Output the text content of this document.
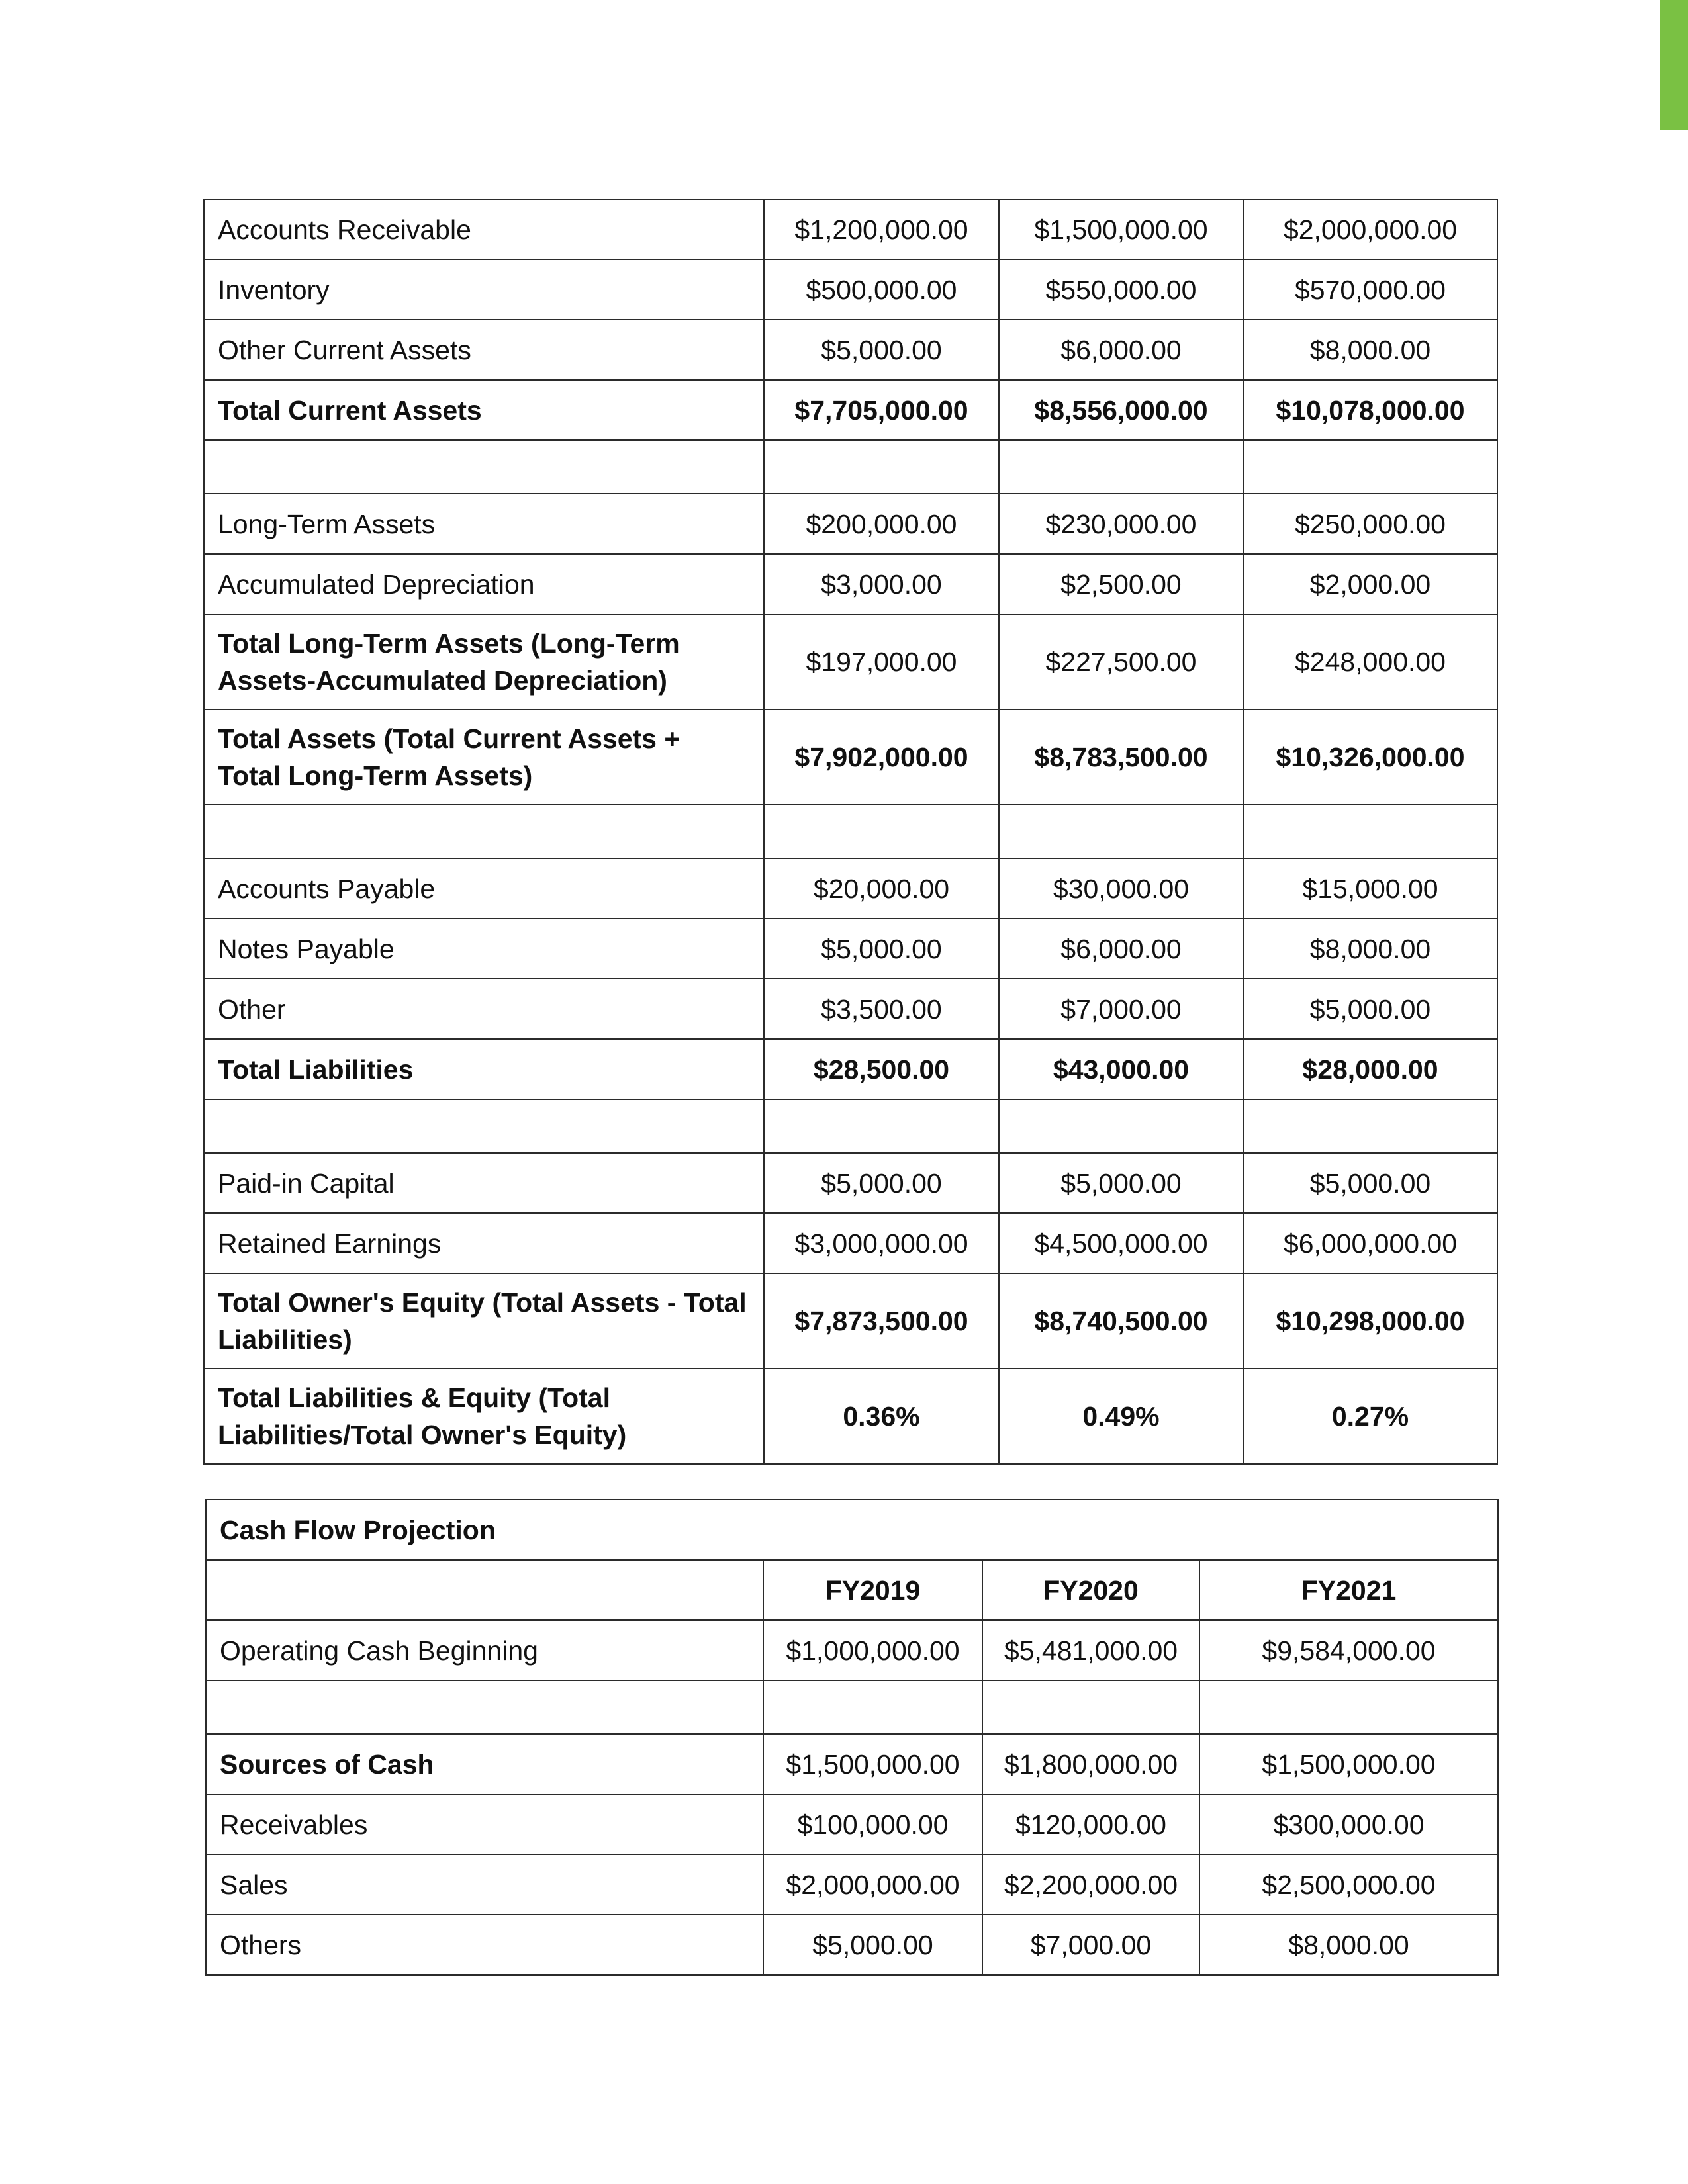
Accounts Receivable	$1,200,000.00	$1,500,000.00	$2,000,000.00
Inventory	$500,000.00	$550,000.00	$570,000.00
Other Current Assets	$5,000.00	$6,000.00	$8,000.00
Total Current Assets	$7,705,000.00	$8,556,000.00	$10,078,000.00

Long-Term Assets	$200,000.00	$230,000.00	$250,000.00
Accumulated Depreciation	$3,000.00	$2,500.00	$2,000.00
Total Long-Term Assets (Long-Term Assets-Accumulated Depreciation)	$197,000.00	$227,500.00	$248,000.00
Total Assets (Total Current Assets + Total Long-Term Assets)	$7,902,000.00	$8,783,500.00	$10,326,000.00

Accounts Payable	$20,000.00	$30,000.00	$15,000.00
Notes Payable	$5,000.00	$6,000.00	$8,000.00
Other	$3,500.00	$7,000.00	$5,000.00
Total Liabilities	$28,500.00	$43,000.00	$28,000.00

Paid-in Capital	$5,000.00	$5,000.00	$5,000.00
Retained Earnings	$3,000,000.00	$4,500,000.00	$6,000,000.00
Total Owner's Equity (Total Assets - Total Liabilities)	$7,873,500.00	$8,740,500.00	$10,298,000.00
Total Liabilities & Equity (Total Liabilities/Total Owner's Equity)	0.36%	0.49%	0.27%
Cash Flow Projection			
	FY2019	FY2020	FY2021
Operating Cash Beginning	$1,000,000.00	$5,481,000.00	$9,584,000.00

Sources of Cash	$1,500,000.00	$1,800,000.00	$1,500,000.00
Receivables	$100,000.00	$120,000.00	$300,000.00
Sales	$2,000,000.00	$2,200,000.00	$2,500,000.00
Others	$5,000.00	$7,000.00	$8,000.00
